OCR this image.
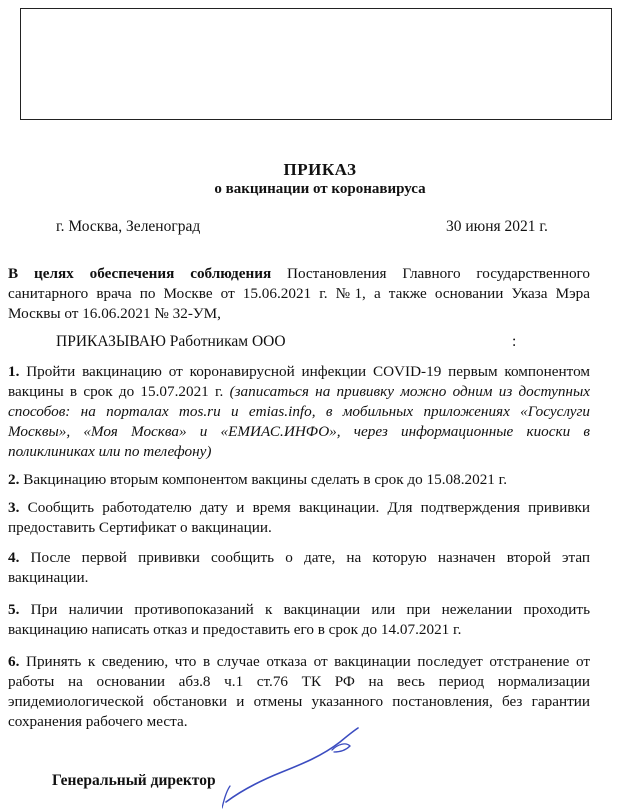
ПРИКАЗ
о вакцинации от коронавируса
г. Москва, Зеленоград	30 июня 2021 г.

В целях обеспечения соблюдения Постановления Главного государственного санитарного врача по Москве от 15.06.2021 г. №1, а также основании Указа Мэра Москвы от 16.06.2021 № 32-УМ,

ПРИКАЗЫВАЮ Работникам ООО	:

1. Пройти вакцинацию от коронавирусной инфекции COVID-19 первым компонентом вакцины в срок до 15.07.2021 г. (записаться на прививку можно одним из доступных способов: на порталах mos.ru и emias.info, в мобильных приложениях «Госуслуги Москвы», «Моя Москва» и «ЕМИАС.ИНФО», через информационные киоски в поликлиниках или по телефону)

2. Вакцинацию вторым компонентом вакцины сделать в срок до 15.08.2021 г.

3. Сообщить работодателю дату и время вакцинации. Для подтверждения прививки предоставить Сертификат о вакцинации.

4. После первой прививки сообщить о дате, на которую назначен второй этап вакцинации.

5. При наличии противопоказаний к вакцинации или при нежелании проходить вакцинацию написать отказ и предоставить его в срок до 14.07.2021 г.

6. Принять к сведению, что в случае отказа от вакцинации последует отстранение от работы на основании абз.8 ч.1 ст.76 ТК РФ на весь период нормализации эпидемиологической обстановки и отмены указанного постановления, без гарантии сохранения рабочего места.

Генеральный директор
